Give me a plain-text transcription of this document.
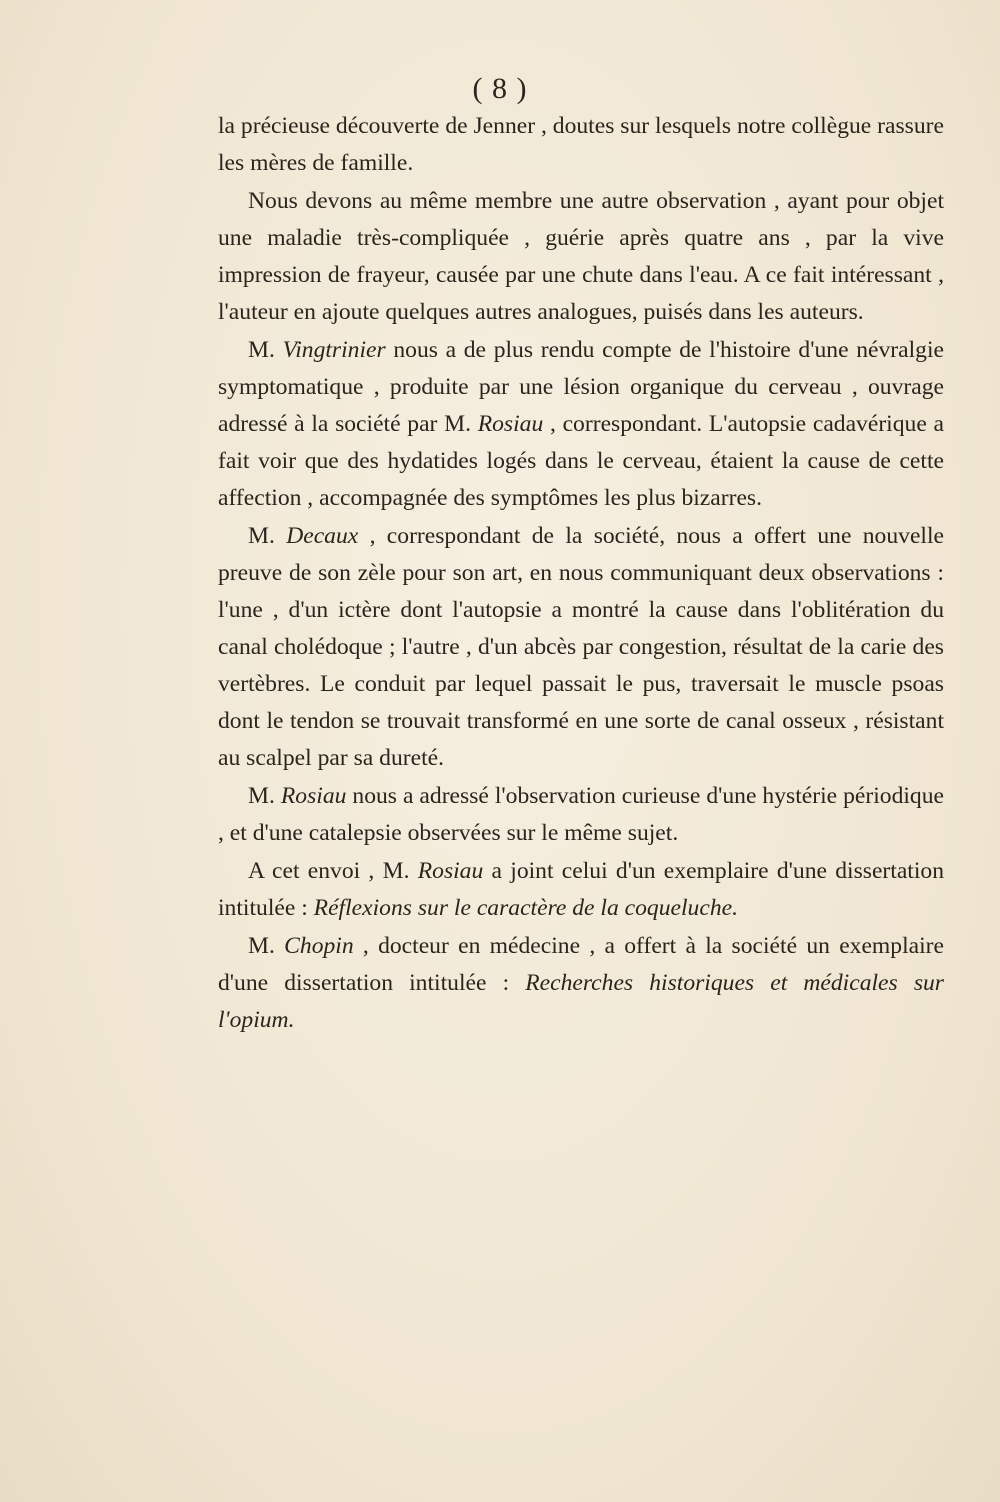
( 8 )

la précieuse découverte de Jenner , doutes sur lesquels notre collègue rassure les mères de famille.

Nous devons au même membre une autre observation , ayant pour objet une maladie très-compliquée , guérie après quatre ans , par la vive impression de frayeur, causée par une chute dans l'eau. A ce fait intéressant , l'auteur en ajoute quelques autres analogues, puisés dans les auteurs.

M. Vingtrinier nous a de plus rendu compte de l'histoire d'une névralgie symptomatique , produite par une lésion organique du cerveau , ouvrage adressé à la société par M. Rosiau , correspondant. L'autopsie cadavérique a fait voir que des hydatides logés dans le cerveau, étaient la cause de cette affection , accompagnée des symptômes les plus bizarres.

M. Decaux , correspondant de la société, nous a offert une nouvelle preuve de son zèle pour son art, en nous communiquant deux observations : l'une , d'un ictère dont l'autopsie a montré la cause dans l'oblitération du canal cholédoque ; l'autre , d'un abcès par congestion, résultat de la carie des vertèbres. Le conduit par lequel passait le pus, traversait le muscle psoas dont le tendon se trouvait transformé en une sorte de canal osseux , résistant au scalpel par sa dureté.

M. Rosiau nous a adressé l'observation curieuse d'une hystérie périodique , et d'une catalepsie observées sur le même sujet.

A cet envoi , M. Rosiau a joint celui d'un exemplaire d'une dissertation intitulée : Réflexions sur le caractère de la coqueluche.

M. Chopin , docteur en médecine , a offert à la société un exemplaire d'une dissertation intitulée : Recherches historiques et médicales sur l'opium.
